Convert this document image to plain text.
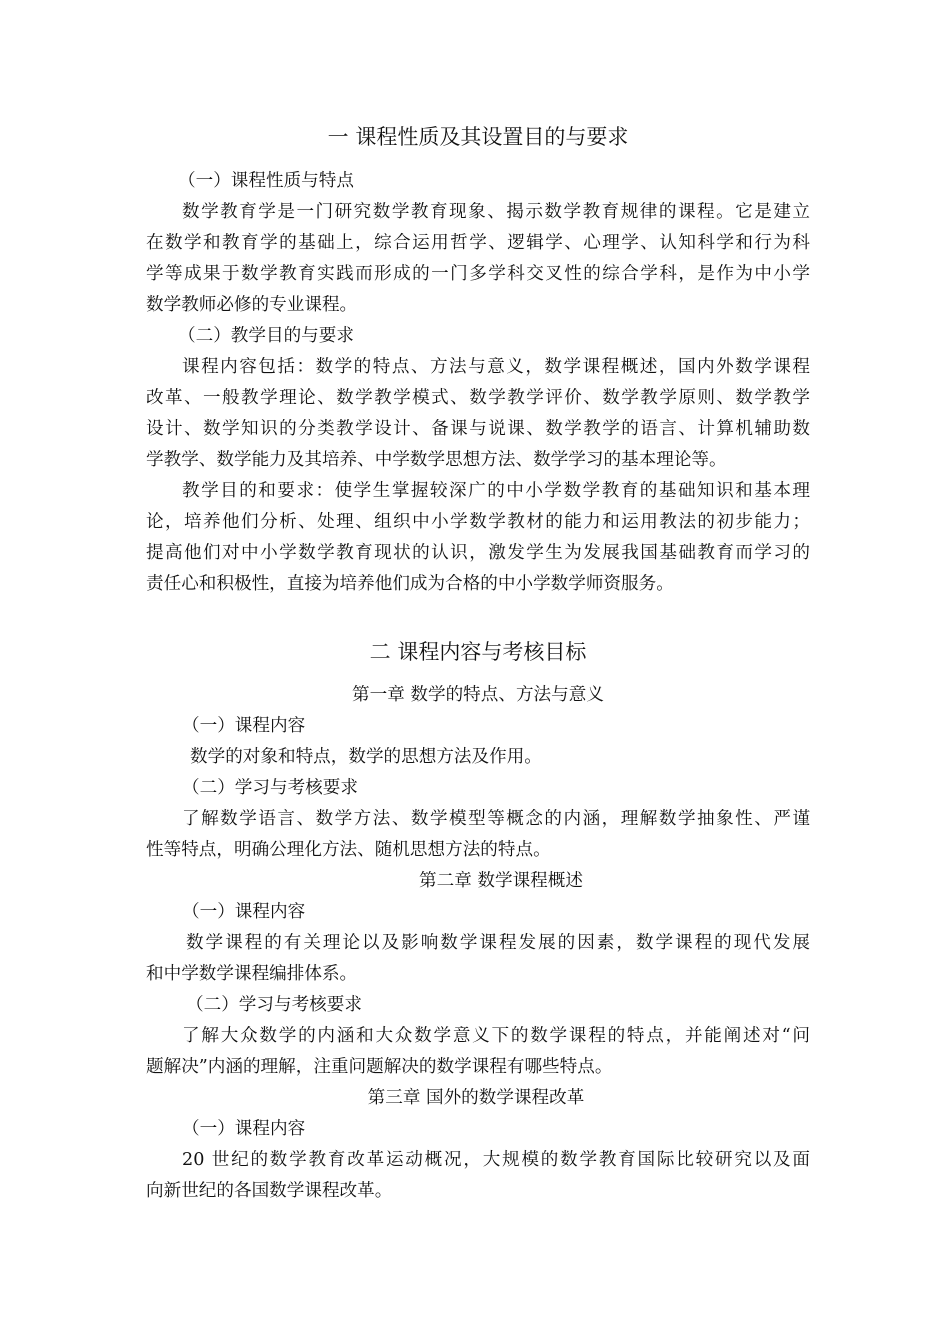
一 课程性质及其设置目的与要求
（一）课程性质与特点
数学教育学是一门研究数学教育现象、揭示数学教育规律的课程。它是建立
在数学和教育学的基础上，综合运用哲学、逻辑学、心理学、认知科学和行为科
学等成果于数学教育实践而形成的一门多学科交叉性的综合学科，是作为中小学
数学教师必修的专业课程。
（二）教学目的与要求
课程内容包括：数学的特点、方法与意义，数学课程概述，国内外数学课程
改革、一般教学理论、数学教学模式、数学教学评价、数学教学原则、数学教学
设计、数学知识的分类教学设计、备课与说课、数学教学的语言、计算机辅助数
学教学、数学能力及其培养、中学数学思想方法、数学学习的基本理论等。
教学目的和要求：使学生掌握较深广的中小学数学教育的基础知识和基本理
论，培养他们分析、处理、组织中小学数学教材的能力和运用教法的初步能力；
提高他们对中小学数学教育现状的认识，激发学生为发展我国基础教育而学习的
责任心和积极性，直接为培养他们成为合格的中小学数学师资服务。
二 课程内容与考核目标
第一章 数学的特点、方法与意义
（一）课程内容
数学的对象和特点，数学的思想方法及作用。
（二）学习与考核要求
了解数学语言、数学方法、数学模型等概念的内涵，理解数学抽象性、严谨
性等特点，明确公理化方法、随机思想方法的特点。
第二章 数学课程概述
（一）课程内容
数学课程的有关理论以及影响数学课程发展的因素，数学课程的现代发展
和中学数学课程编排体系。
（二）学习与考核要求
了解大众数学的内涵和大众数学意义下的数学课程的特点，并能阐述对“问
题解决”内涵的理解，注重问题解决的数学课程有哪些特点。
第三章 国外的数学课程改革
（一）课程内容
20 世纪的数学教育改革运动概况，大规模的数学教育国际比较研究以及面
向新世纪的各国数学课程改革。
